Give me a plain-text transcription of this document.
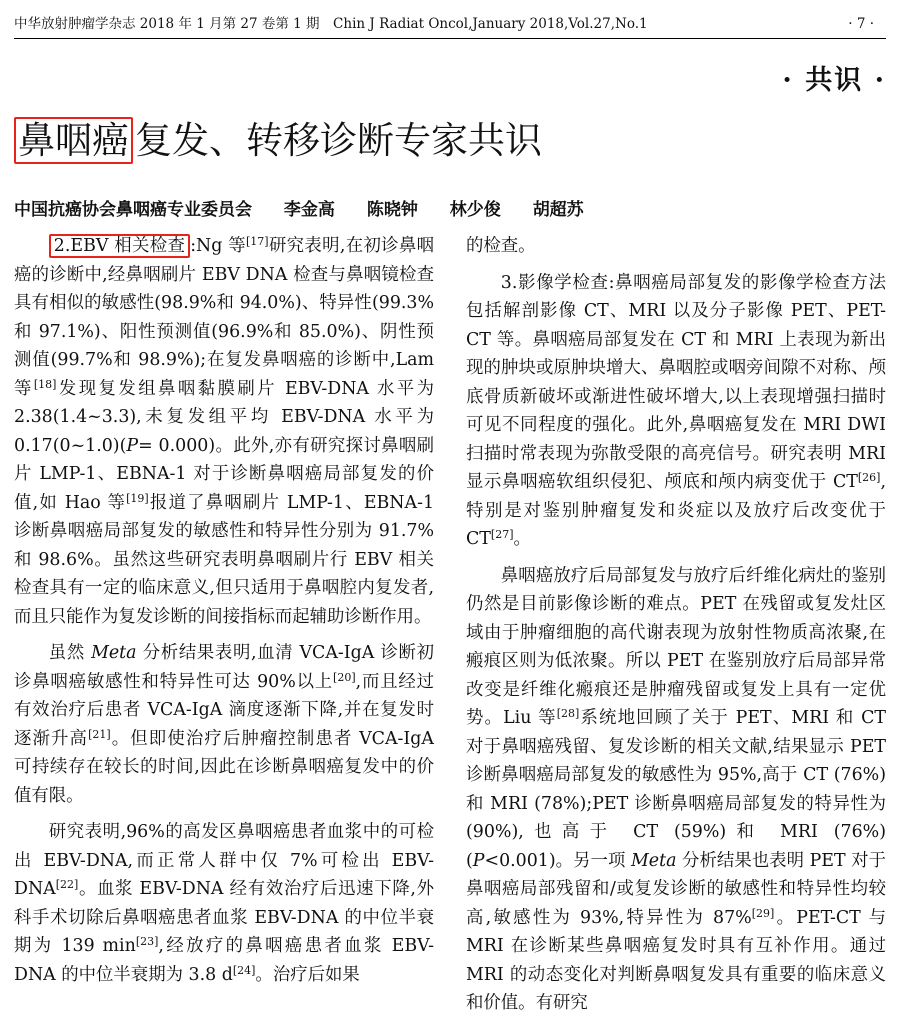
中华放射肿瘤学杂志 2018 年 1 月第 27 卷第 1 期　Chin J Radiat Oncol,January 2018,Vol.27,No.1	· 7 ·
· 共识 ·
鼻咽癌 复发、转移诊断专家共识
中国抗癌协会鼻咽癌专业委员会 李金高 陈晓钟 林少俊 胡超苏

2.EBV 相关检查 :Ng 等[17]研究表明,在初诊鼻咽癌的诊断中,经鼻咽刷片 EBV DNA 检查与鼻咽镜检查具有相似的敏感性(98.9%和 94.0%)、特异性(99.3%和 97.1%)、阳性预测值(96.9%和 85.0%)、阴性预测值(99.7%和 98.9%);在复发鼻咽癌的诊断中,Lam 等[18]发现复发组鼻咽黏膜刷片 EBV-DNA 水平为 2.38(1.4~3.3),未复发组平均 EBV-DNA 水平为 0.17(0~1.0)(P= 0.000)。此外,亦有研究探讨鼻咽刷片 LMP-1、EBNA-1 对于诊断鼻咽癌局部复发的价值,如 Hao 等[19]报道了鼻咽刷片 LMP-1、EBNA-1 诊断鼻咽癌局部复发的敏感性和特异性分别为 91.7%和 98.6%。虽然这些研究表明鼻咽刷片行 EBV 相关检查具有一定的临床意义,但只适用于鼻咽腔内复发者,而且只能作为复发诊断的间接指标而起辅助诊断作用。

虽然 Meta 分析结果表明,血清 VCA-IgA 诊断初诊鼻咽癌敏感性和特异性可达 90%以上[20],而且经过有效治疗后患者 VCA-IgA 滴度逐渐下降,并在复发时逐渐升高[21]。但即使治疗后肿瘤控制患者 VCA-IgA 可持续存在较长的时间,因此在诊断鼻咽癌复发中的价值有限。

研究表明,96%的高发区鼻咽癌患者血浆中的可检出 EBV-DNA,而正常人群中仅 7%可检出 EBV-DNA[22]。血浆 EBV-DNA 经有效治疗后迅速下降,外科手术切除后鼻咽癌患者血浆 EBV-DNA 的中位半衰期为 139 min[23],经放疗的鼻咽癌患者血浆 EBV-DNA 的中位半衰期为 3.8 d[24]。治疗后如果

的检查。

3.影像学检查:鼻咽癌局部复发的影像学检查方法包括解剖影像 CT、MRI 以及分子影像 PET、PET-CT 等。鼻咽癌局部复发在 CT 和 MRI 上表现为新出现的肿块或原肿块增大、鼻咽腔或咽旁间隙不对称、颅底骨质新破坏或渐进性破坏增大,以上表现增强扫描时可见不同程度的强化。此外,鼻咽癌复发在 MRI DWI 扫描时常表现为弥散受限的高亮信号。研究表明 MRI 显示鼻咽癌软组织侵犯、颅底和颅内病变优于 CT[26],特别是对鉴别肿瘤复发和炎症以及放疗后改变优于 CT[27]。

鼻咽癌放疗后局部复发与放疗后纤维化病灶的鉴别仍然是目前影像诊断的难点。PET 在残留或复发灶区域由于肿瘤细胞的高代谢表现为放射性物质高浓聚,在瘢痕区则为低浓聚。所以 PET 在鉴别放疗后局部异常改变是纤维化瘢痕还是肿瘤残留或复发上具有一定优势。Liu 等[28]系统地回顾了关于 PET、MRI 和 CT 对于鼻咽癌残留、复发诊断的相关文献,结果显示 PET 诊断鼻咽癌局部复发的敏感性为 95%,高于 CT (76%)和 MRI (78%);PET 诊断鼻咽癌局部复发的特异性为(90%),也高于 CT (59%)和 MRI (76%)(P<0.001)。另一项 Meta 分析结果也表明 PET 对于鼻咽癌局部残留和/或复发诊断的敏感性和特异性均较高,敏感性为 93%,特异性为 87%[29]。PET-CT 与 MRI 在诊断某些鼻咽癌复发时具有互补作用。通过 MRI 的动态变化对判断鼻咽复发具有重要的临床意义和价值。有研究
